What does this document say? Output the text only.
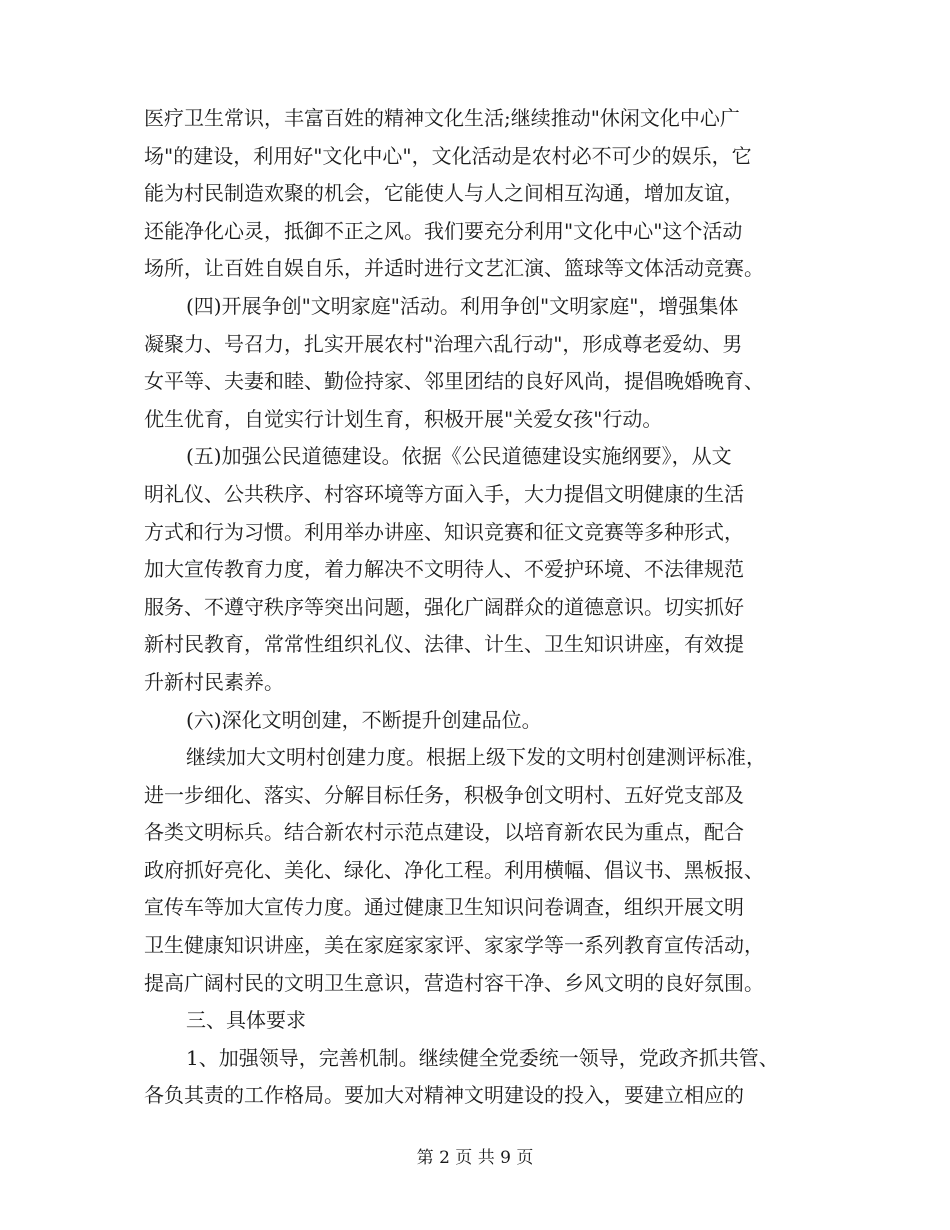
医疗卫生常识，丰富百姓的精神文化生活;继续推动"休闲文化中心广
场"的建设，利用好"文化中心"，文化活动是农村必不可少的娱乐，它
能为村民制造欢聚的机会，它能使人与人之间相互沟通，增加友谊，
还能净化心灵，抵御不正之风。我们要充分利用"文化中心"这个活动
场所，让百姓自娱自乐，并适时进行文艺汇演、篮球等文体活动竞赛。
(四)开展争创"文明家庭"活动。利用争创"文明家庭"，增强集体
凝聚力、号召力，扎实开展农村"治理六乱行动"，形成尊老爱幼、男
女平等、夫妻和睦、勤俭持家、邻里团结的良好风尚，提倡晚婚晚育、
优生优育，自觉实行计划生育，积极开展"关爱女孩"行动。
(五)加强公民道德建设。依据《公民道德建设实施纲要》，从文
明礼仪、公共秩序、村容环境等方面入手，大力提倡文明健康的生活
方式和行为习惯。利用举办讲座、知识竞赛和征文竞赛等多种形式，
加大宣传教育力度，着力解决不文明待人、不爱护环境、不法律规范
服务、不遵守秩序等突出问题，强化广阔群众的道德意识。切实抓好
新村民教育，常常性组织礼仪、法律、计生、卫生知识讲座，有效提
升新村民素养。
(六)深化文明创建，不断提升创建品位。
继续加大文明村创建力度。根据上级下发的文明村创建测评标准，
进一步细化、落实、分解目标任务，积极争创文明村、五好党支部及
各类文明标兵。结合新农村示范点建设，以培育新农民为重点，配合
政府抓好亮化、美化、绿化、净化工程。利用横幅、倡议书、黑板报、
宣传车等加大宣传力度。通过健康卫生知识问卷调查，组织开展文明
卫生健康知识讲座，美在家庭家家评、家家学等一系列教育宣传活动，
提高广阔村民的文明卫生意识，营造村容干净、乡风文明的良好氛围。
三、具体要求
1、加强领导，完善机制。继续健全党委统一领导，党政齐抓共管、
各负其责的工作格局。要加大对精神文明建设的投入，要建立相应的
第 2 页 共 9 页
